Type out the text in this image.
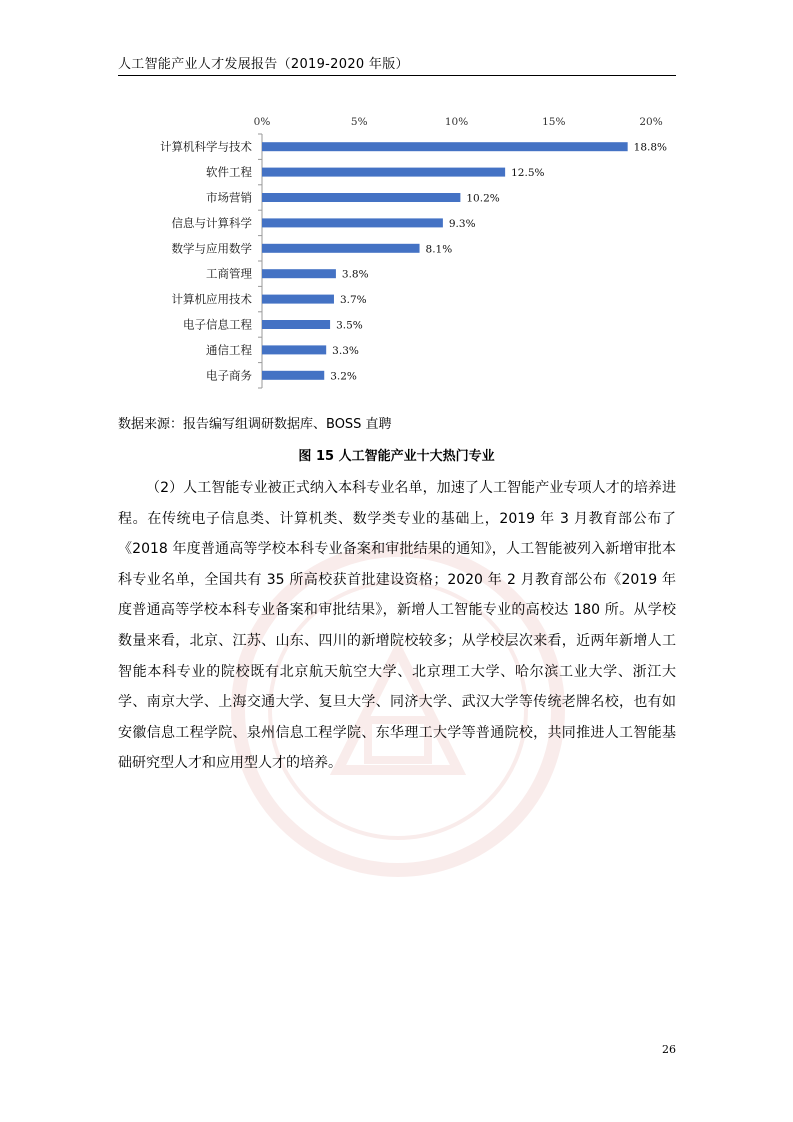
人工智能产业人才发展报告（2019-2020 年版）
0%	5%	10%	15%	20%
计算机科学与技术	18.8%
软件工程	12.5%
市场营销	10.2%
信息与计算科学	9.3%
数学与应用数学	8.1%
工商管理	3.8%
计算机应用技术	3.7%
电子信息工程	3.5%
通信工程	3.3%
电子商务	3.2%
数据来源：报告编写组调研数据库、BOSS 直聘
图 15 人工智能产业十大热门专业

（2）人工智能专业被正式纳入本科专业名单，加速了人工智能产业专项人才的培养进程。在传统电子信息类、计算机类、数学类专业的基础上，2019 年 3 月教育部公布了《2018 年度普通高等学校本科专业备案和审批结果的通知》，人工智能被列入新增审批本科专业名单，全国共有 35 所高校获首批建设资格；2020 年 2 月教育部公布《2019 年度普通高等学校本科专业备案和审批结果》，新增人工智能专业的高校达 180 所。从学校数量来看，北京、江苏、山东、四川的新增院校较多；从学校层次来看，近两年新增人工智能本科专业的院校既有北京航天航空大学、北京理工大学、哈尔滨工业大学、浙江大学、南京大学、上海交通大学、复旦大学、同济大学、武汉大学等传统老牌名校，也有如安徽信息工程学院、泉州信息工程学院、东华理工大学等普通院校，共同推进人工智能基础研究型人才和应用型人才的培养。

26
